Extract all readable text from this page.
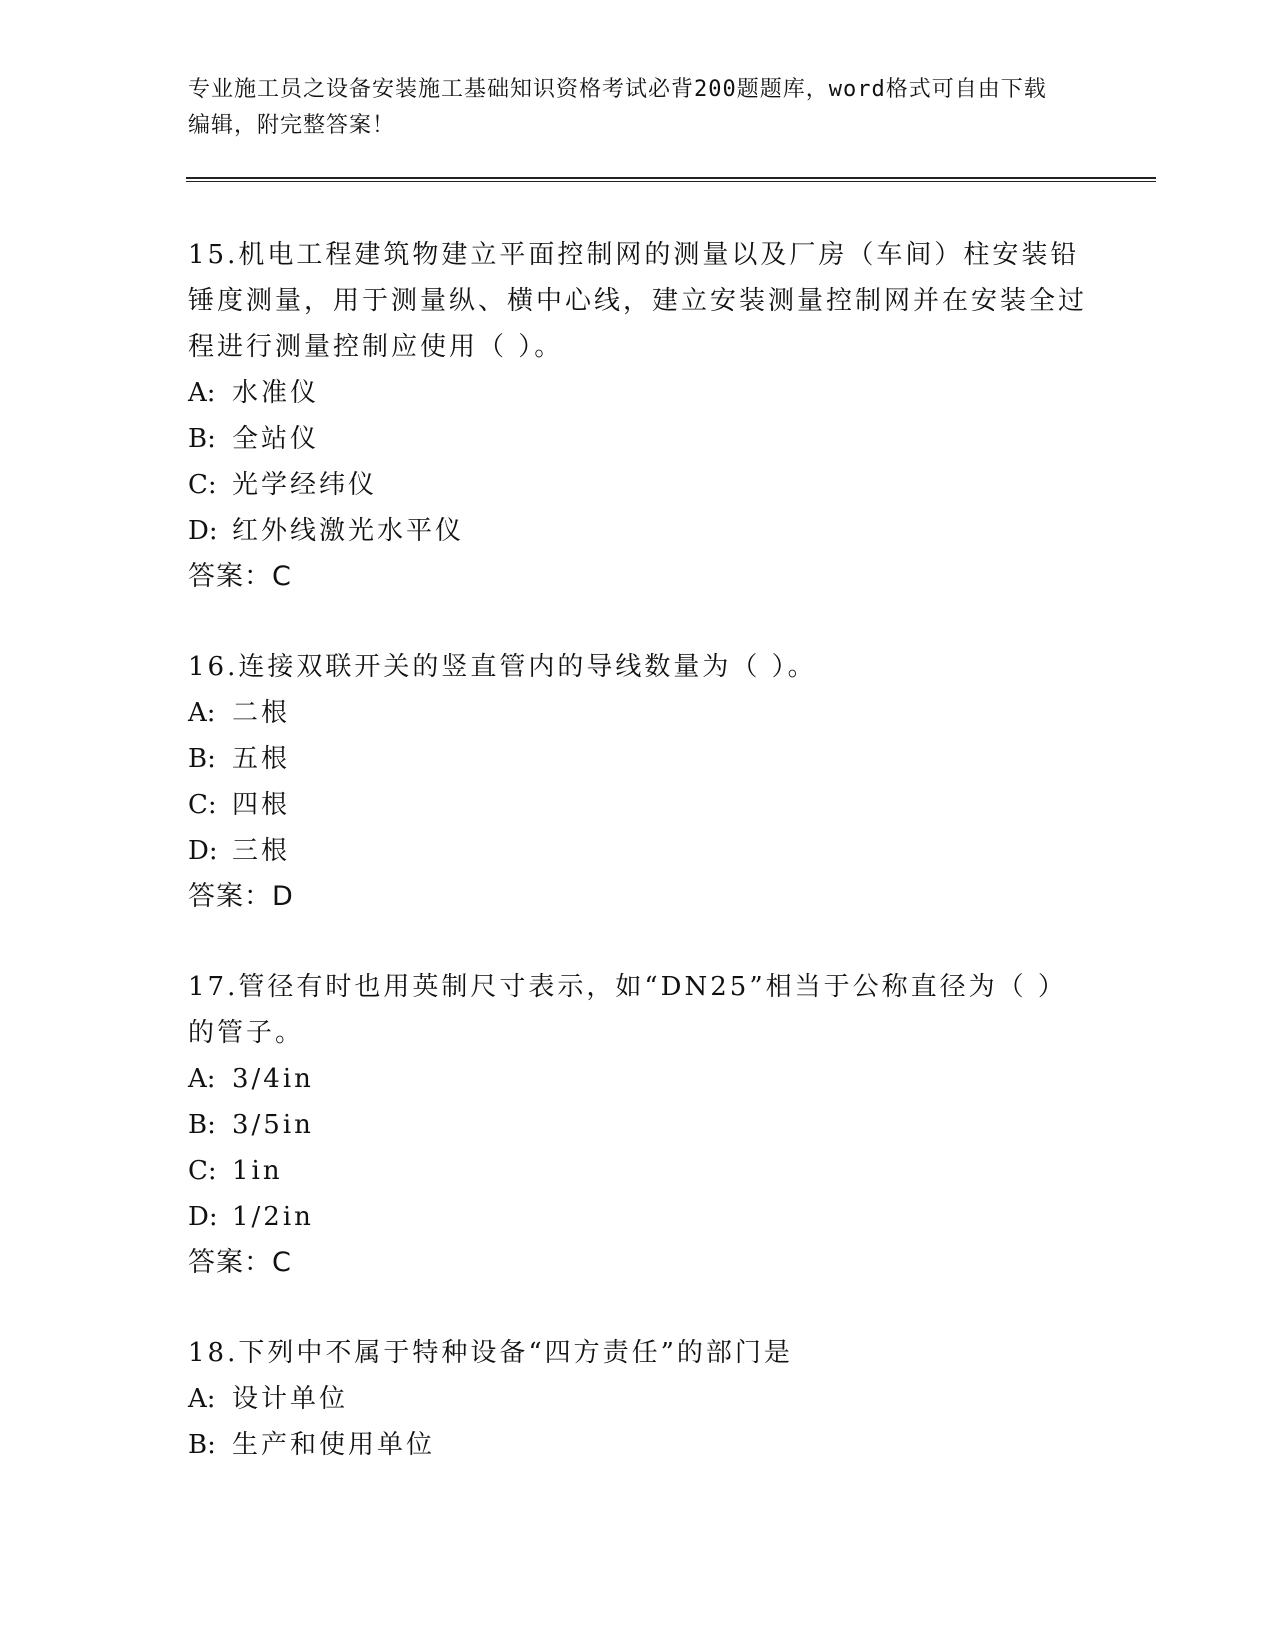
专业施工员之设备安装施工基础知识资格考试必背200题题库，word格式可自由下载编辑，附完整答案！
15.机电工程建筑物建立平面控制网的测量以及厂房（车间）柱安装铅锤度测量，用于测量纵、横中心线，建立安装测量控制网并在安装全过程进行测量控制应使用（ ）。
A: 水准仪
B: 全站仪
C: 光学经纬仪
D: 红外线激光水平仪
答案：C
16.连接双联开关的竖直管内的导线数量为（ ）。
A: 二根
B: 五根
C: 四根
D: 三根
答案：D
17.管径有时也用英制尺寸表示，如“DN25”相当于公称直径为（ ）的管子。
A: 3/4in
B: 3/5in
C: 1in
D: 1/2in
答案：C
18.下列中不属于特种设备“四方责任”的部门是
A: 设计单位
B: 生产和使用单位
